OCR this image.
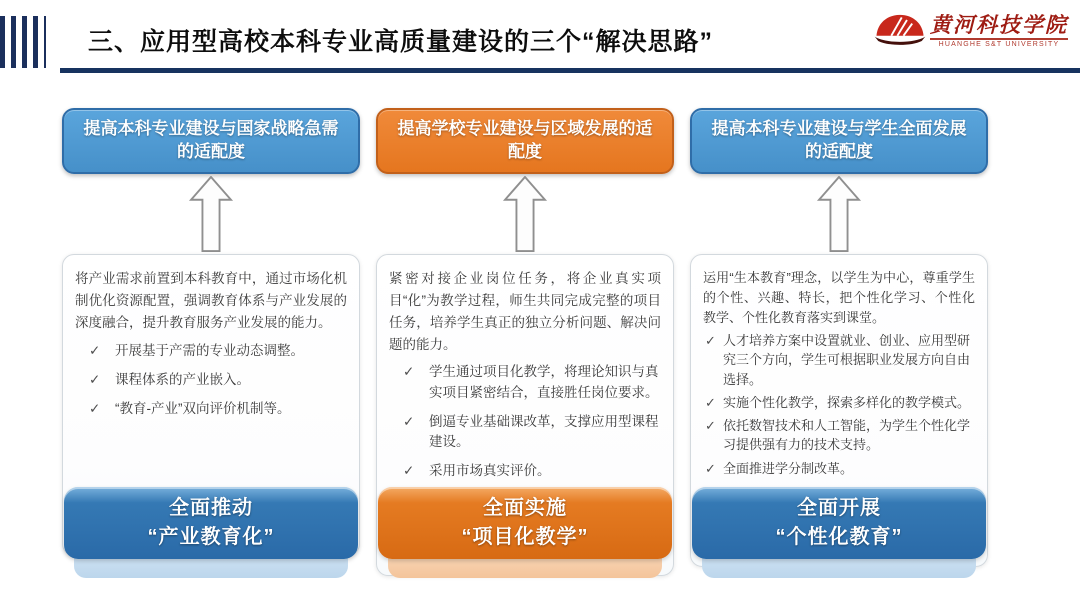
三、应用型高校本科专业高质量建设的三个“解决思路”
黄河科技学院
HUANGHE S&T UNIVERSITY
提高本科专业建设与国家战略急需的适配度

将产业需求前置到本科教育中，通过市场化机制优化资源配置，强调教育体系与产业发展的深度融合，提升教育服务产业发展的能力。

✓ 开展基于产需的专业动态调整。
✓ 课程体系的产业嵌入。
✓ “教育-产业”双向评价机制等。
全面推动
“产业教育化”
提高学校专业建设与区域发展的适配度

紧密对接企业岗位任务，将企业真实项目“化”为教学过程，师生共同完成完整的项目任务，培养学生真正的独立分析问题、解决问题的能力。

✓ 学生通过项目化教学，将理论知识与真实项目紧密结合，直接胜任岗位要求。
✓ 倒逼专业基础课改革，支撑应用型课程建设。
✓ 采用市场真实评价。
全面实施
“项目化教学”
提高本科专业建设与学生全面发展的适配度

运用“生本教育”理念，以学生为中心，尊重学生的个性、兴趣、特长，把个性化学习、个性化教学、个性化教育落实到课堂。

✓ 人才培养方案中设置就业、创业、应用型研究三个方向，学生可根据职业发展方向自由选择。
✓ 实施个性化教学，探索多样化的教学模式。
✓ 依托数智技术和人工智能，为学生个性化学习提供强有力的技术支持。
✓ 全面推进学分制改革。
全面开展
“个性化教育”
